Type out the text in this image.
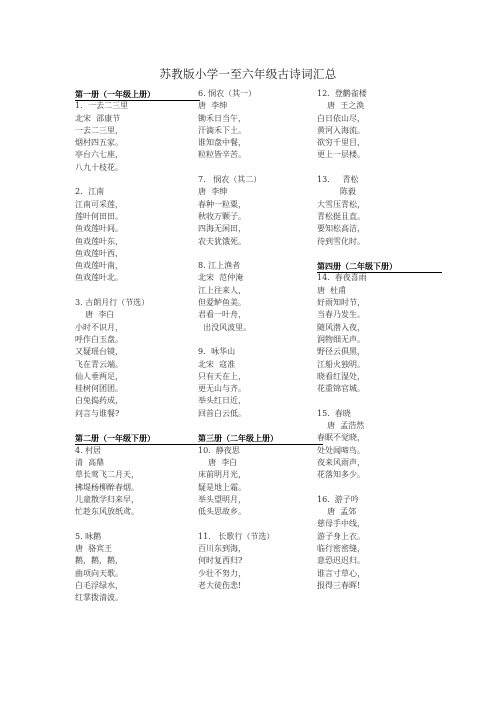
苏教版小学一至六年级古诗词汇总
第一册（一年级上册）
1．一去二三里
北宋  邵康节
一去二三里，
烟村四五家。
亭台六七座，
八九十枝花。
2．江南
江南可采莲，
莲叶何田田。
鱼戏莲叶间。
鱼戏莲叶东，
鱼戏莲叶西，
鱼戏莲叶南，
鱼戏莲叶北。
3. 古朗月行（节选）
唐  李白
小时不识月，
呼作白玉盘。
又疑瑶台镜，
飞在青云端。
仙人垂两足，
桂树何团团。
白兔捣药成，
问言与谁餐?
第二册（一年级下册）
4. 村居
清  高鼎
草长莺飞二月天，
拂堤杨柳醉春烟。
儿童散学归来早，
忙趁东风放纸鸢。
5. 咏鹅
唐  骆宾王
鹅，鹅，鹅，
曲项向天歌。
白毛浮绿水，
红掌拨清波。
6. 悯农（其一）
唐  李绅
锄禾日当午，
汗滴禾下土。
谁知盘中餐，
粒粒皆辛苦。
7.   悯农（其二）
唐  李绅
春种一粒粟，
秋收万颗子。
四海无闲田，
农夫犹饿死。
8. 江上渔者
北宋  范仲淹
江上往来人，
但爱鲈鱼美。
君看一叶舟，
出没风波里。
9．咏华山
北宋  寇准
只有天在上，
更无山与齐。
举头红日近，
回首白云低。
第三册（二年级上册）
10.  静夜思
唐  李白
床前明月光，
疑是地上霜。
举头望明月，
低头思故乡。
11.   长歌行（节选）
百川东到海，
何时复西归?
少壮不努力，
老大徒伤悲!
12.  登鹳雀楼
唐  王之涣
白日依山尽，
黄河入海流。
欲穷千里目，
更上一层楼。
13.     青松
陈毅
大雪压青松，
青松挺且直。
要知松高洁，
待到雪化时。
第四册（二年级下册）
14.  春夜喜雨
唐  杜甫
好雨知时节，
当春乃发生。
随风潜入夜，
润物细无声。
野径云俱黑，
江船火独明。
晓看红湿处，
花重锦官城。
15.  春晓
唐  孟浩然
春眠不觉晓，
处处闻啼鸟。
夜来风雨声，
花落知多少。
16.  游子吟
唐  孟郊
慈母手中线，
游子身上衣。
临行密密缝，
意恐迟迟归。
谁言寸草心，
报得三春晖!
